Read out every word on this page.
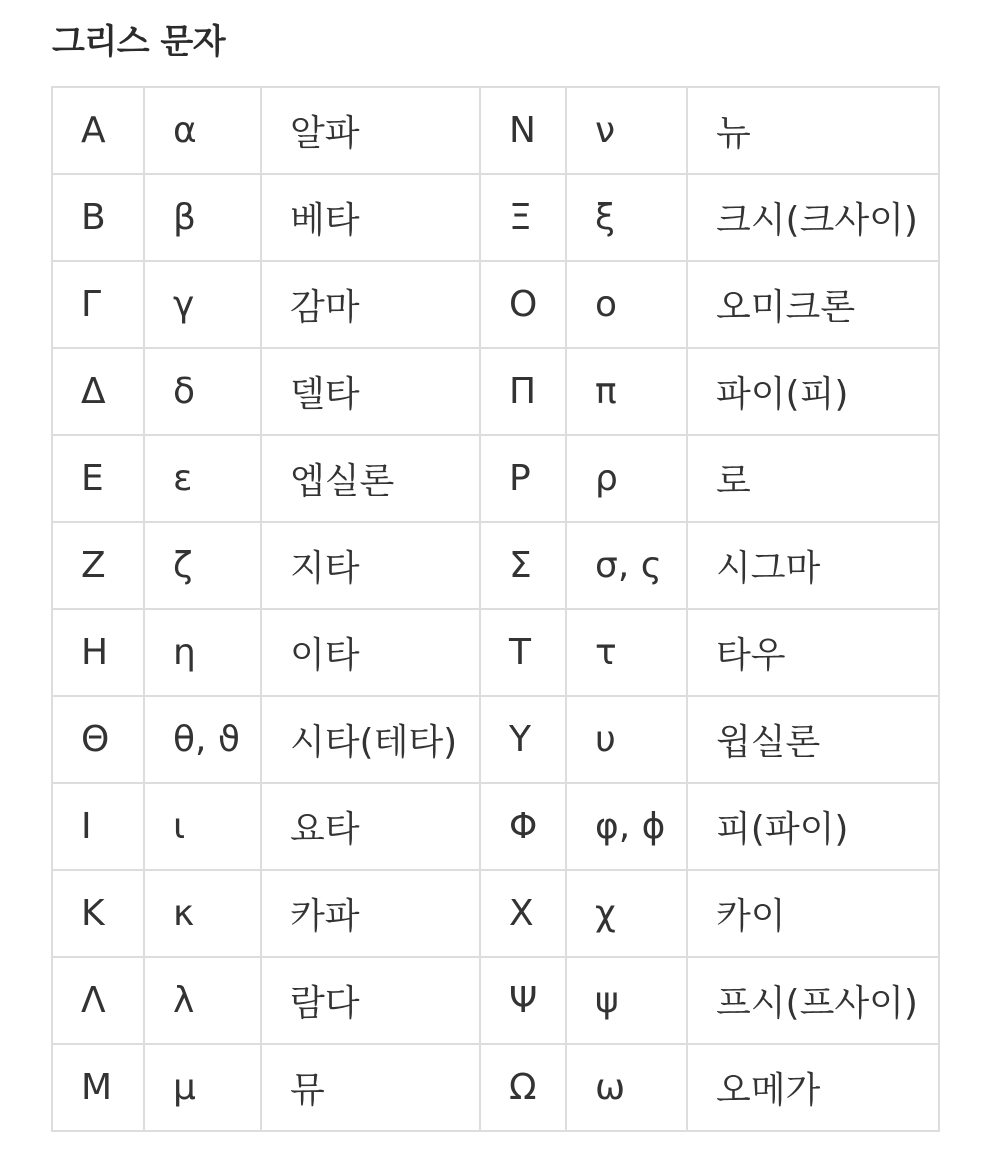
그리스 문자
Α	α	알파	Ν	ν	뉴
Β	β	베타	Ξ	ξ	크시(크사이)
Γ	γ	감마	Ο	ο	오미크론
Δ	δ	델타	Π	π	파이(피)
Ε	ε	엡실론	Ρ	ρ	로
Ζ	ζ	지타	Σ	σ, ς	시그마
Η	η	이타	Τ	τ	타우
Θ	θ, ϑ	시타(테타)	Υ	υ	윕실론
Ι	ι	요타	Φ	φ, ϕ	피(파이)
Κ	κ	카파	Χ	χ	카이
Λ	λ	람다	Ψ	ψ	프시(프사이)
Μ	μ	뮤	Ω	ω	오메가
